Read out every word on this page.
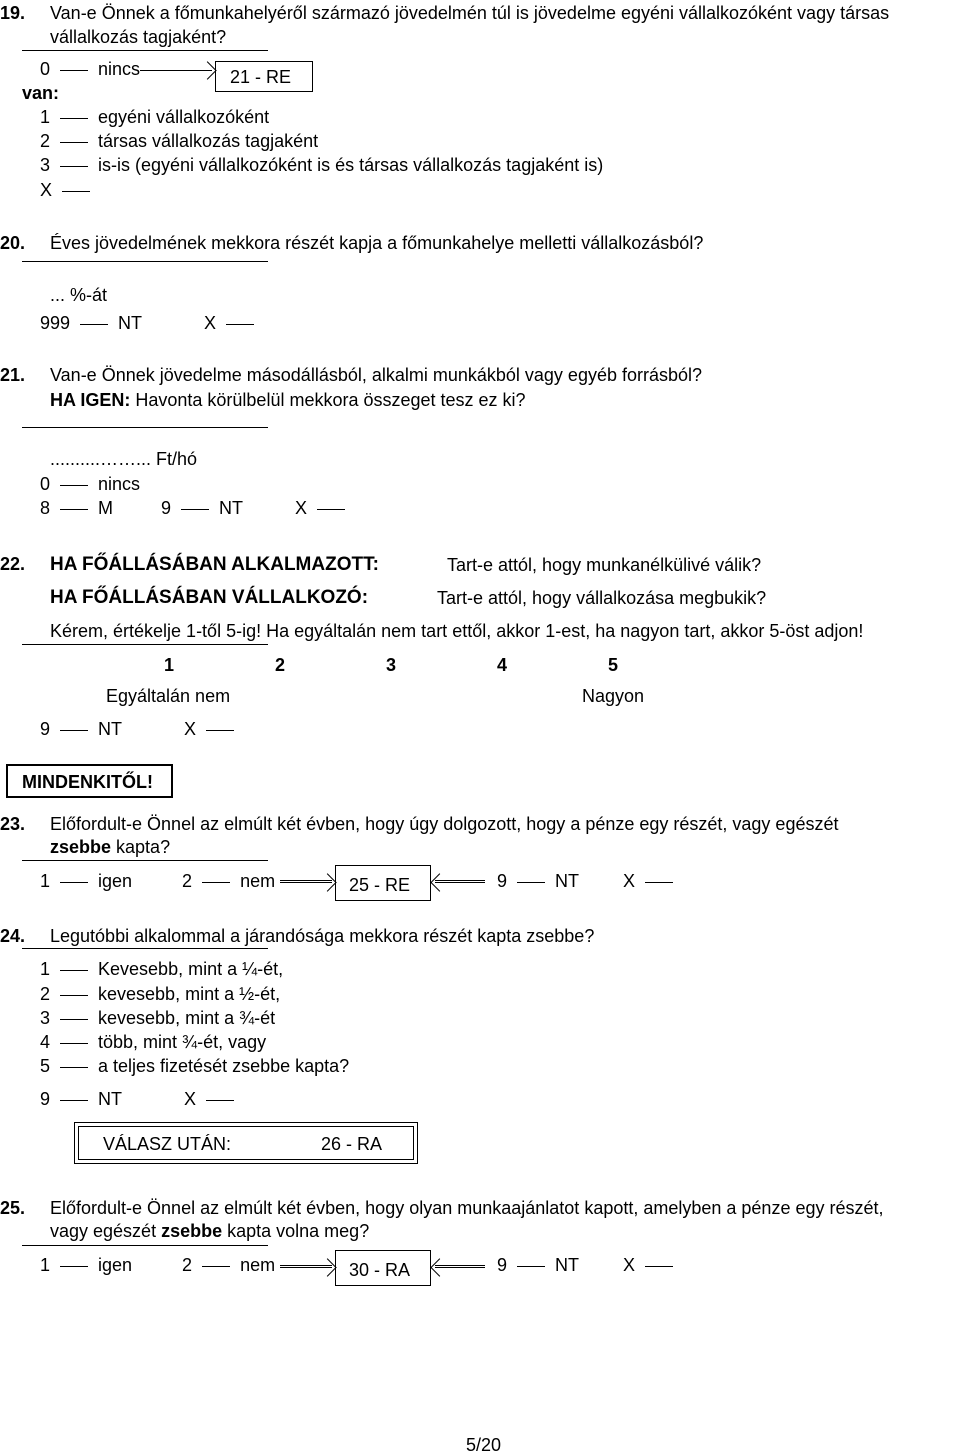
19. Van-e Önnek a főmunkahelyéről származó jövedelmén túl is jövedelme egyéni vállalkozóként vagy társas
vállalkozás tagjaként?
0	nincs	21 - RE
van:
1	egyéni vállalkozóként
2	társas vállalkozás tagjaként
3	is-is (egyéni vállalkozóként is és társas vállalkozás tagjaként is)
X
20. Éves jövedelmének mekkora részét kapja a főmunkahelye melletti vállalkozásból?
... %-át
999	NT	X
21. Van-e Önnek jövedelme másodállásból, alkalmi munkákból vagy egyéb forrásból?
HA IGEN: Havonta körülbelül mekkora összeget tesz ez ki?
..........……... Ft/hó
0	nincs
8	M	9	NT	X
22. HA FŐÁLLÁSÁBAN ALKALMAZOTT:	Tart-e attól, hogy munkanélkülivé válik?
HA FŐÁLLÁSÁBAN VÁLLALKOZÓ:	Tart-e attól, hogy vállalkozása megbukik?
Kérem, értékelje 1-től 5-ig! Ha egyáltalán nem tart ettől, akkor 1-est, ha nagyon tart, akkor 5-öst adjon!
1	2	3	4	5
Egyáltalán nem	Nagyon
9	NT	X
MINDENKITŐL!
23. Előfordult-e Önnel az elmúlt két évben, hogy úgy dolgozott, hogy a pénze egy részét, vagy egészét
zsebbe kapta?
1	igen	2	nem	25 - RE	9	NT X
24. Legutóbbi alkalommal a járandósága mekkora részét kapta zsebbe?
1	Kevesebb, mint a ¼-ét,
2	kevesebb, mint a ½-ét,
3	kevesebb, mint a ¾-ét
4	több, mint ¾-ét, vagy
5	a teljes fizetését zsebbe kapta?
9	NT	X
VÁLASZ UTÁN:	26 - RA
25. Előfordult-e Önnel az elmúlt két évben, hogy olyan munkaajánlatot kapott, amelyben a pénze egy részét,
vagy egészét zsebbe kapta volna meg?
1	igen	2	nem	30 - RA	9	NT X
5/20
